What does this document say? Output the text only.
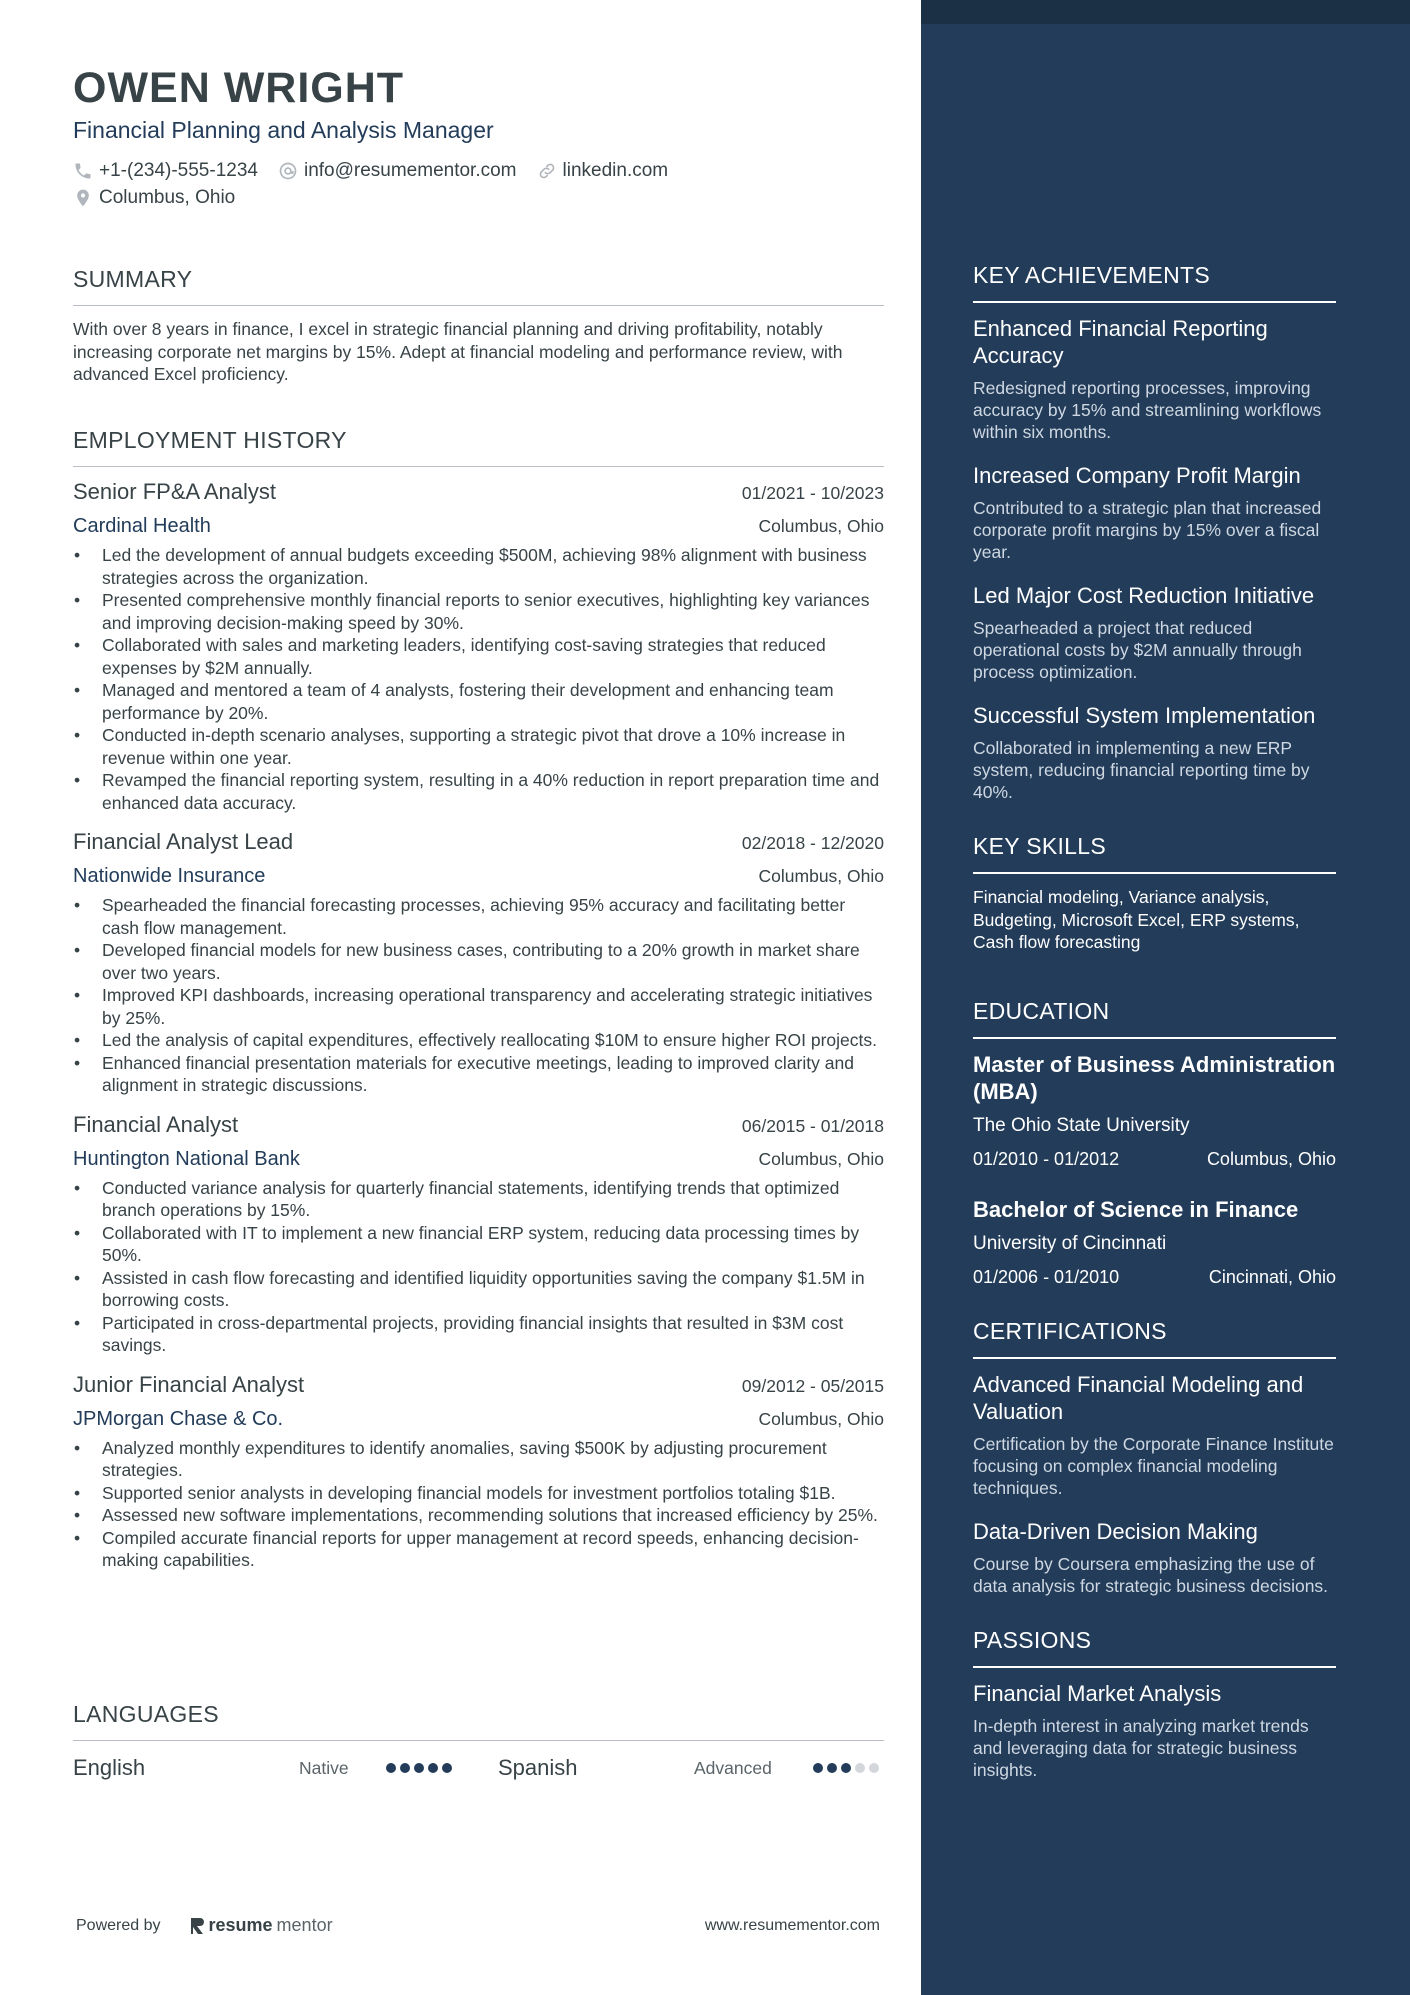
OWEN WRIGHT
Financial Planning and Analysis Manager
+1-(234)-555-1234 info@resumementor.com linkedin.com
Columbus, Ohio
SUMMARY
With over 8 years in finance, I excel in strategic financial planning and driving profitability, notably increasing corporate net margins by 15%. Adept at financial modeling and performance review, with advanced Excel proficiency.
EMPLOYMENT HISTORY
Senior FP&A Analyst	01/2021 - 10/2023
Cardinal Health	Columbus, Ohio
• Led the development of annual budgets exceeding $500M, achieving 98% alignment with business strategies across the organization.
• Presented comprehensive monthly financial reports to senior executives, highlighting key variances and improving decision-making speed by 30%.
• Collaborated with sales and marketing leaders, identifying cost-saving strategies that reduced expenses by $2M annually.
• Managed and mentored a team of 4 analysts, fostering their development and enhancing team performance by 20%.
• Conducted in-depth scenario analyses, supporting a strategic pivot that drove a 10% increase in revenue within one year.
• Revamped the financial reporting system, resulting in a 40% reduction in report preparation time and enhanced data accuracy.
Financial Analyst Lead	02/2018 - 12/2020
Nationwide Insurance	Columbus, Ohio
• Spearheaded the financial forecasting processes, achieving 95% accuracy and facilitating better cash flow management.
• Developed financial models for new business cases, contributing to a 20% growth in market share over two years.
• Improved KPI dashboards, increasing operational transparency and accelerating strategic initiatives by 25%.
• Led the analysis of capital expenditures, effectively reallocating $10M to ensure higher ROI projects.
• Enhanced financial presentation materials for executive meetings, leading to improved clarity and alignment in strategic discussions.
Financial Analyst	06/2015 - 01/2018
Huntington National Bank	Columbus, Ohio
• Conducted variance analysis for quarterly financial statements, identifying trends that optimized branch operations by 15%.
• Collaborated with IT to implement a new financial ERP system, reducing data processing times by 50%.
• Assisted in cash flow forecasting and identified liquidity opportunities saving the company $1.5M in borrowing costs.
• Participated in cross-departmental projects, providing financial insights that resulted in $3M cost savings.
Junior Financial Analyst	09/2012 - 05/2015
JPMorgan Chase & Co.	Columbus, Ohio
• Analyzed monthly expenditures to identify anomalies, saving $500K by adjusting procurement strategies.
• Supported senior analysts in developing financial models for investment portfolios totaling $1B.
• Assessed new software implementations, recommending solutions that increased efficiency by 25%.
• Compiled accurate financial reports for upper management at record speeds, enhancing decision-making capabilities.
LANGUAGES
English	Native	Spanish	Advanced
Powered by	resume mentor	www.resumementor.com
KEY ACHIEVEMENTS
Enhanced Financial Reporting Accuracy
Redesigned reporting processes, improving accuracy by 15% and streamlining workflows within six months.
Increased Company Profit Margin
Contributed to a strategic plan that increased corporate profit margins by 15% over a fiscal year.
Led Major Cost Reduction Initiative
Spearheaded a project that reduced operational costs by $2M annually through process optimization.
Successful System Implementation
Collaborated in implementing a new ERP system, reducing financial reporting time by 40%.
KEY SKILLS
Financial modeling, Variance analysis, Budgeting, Microsoft Excel, ERP systems, Cash flow forecasting
EDUCATION
Master of Business Administration (MBA)
The Ohio State University
01/2010 - 01/2012	Columbus, Ohio
Bachelor of Science in Finance
University of Cincinnati
01/2006 - 01/2010	Cincinnati, Ohio
CERTIFICATIONS
Advanced Financial Modeling and Valuation
Certification by the Corporate Finance Institute focusing on complex financial modeling techniques.
Data-Driven Decision Making
Course by Coursera emphasizing the use of data analysis for strategic business decisions.
PASSIONS
Financial Market Analysis
In-depth interest in analyzing market trends and leveraging data for strategic business insights.
